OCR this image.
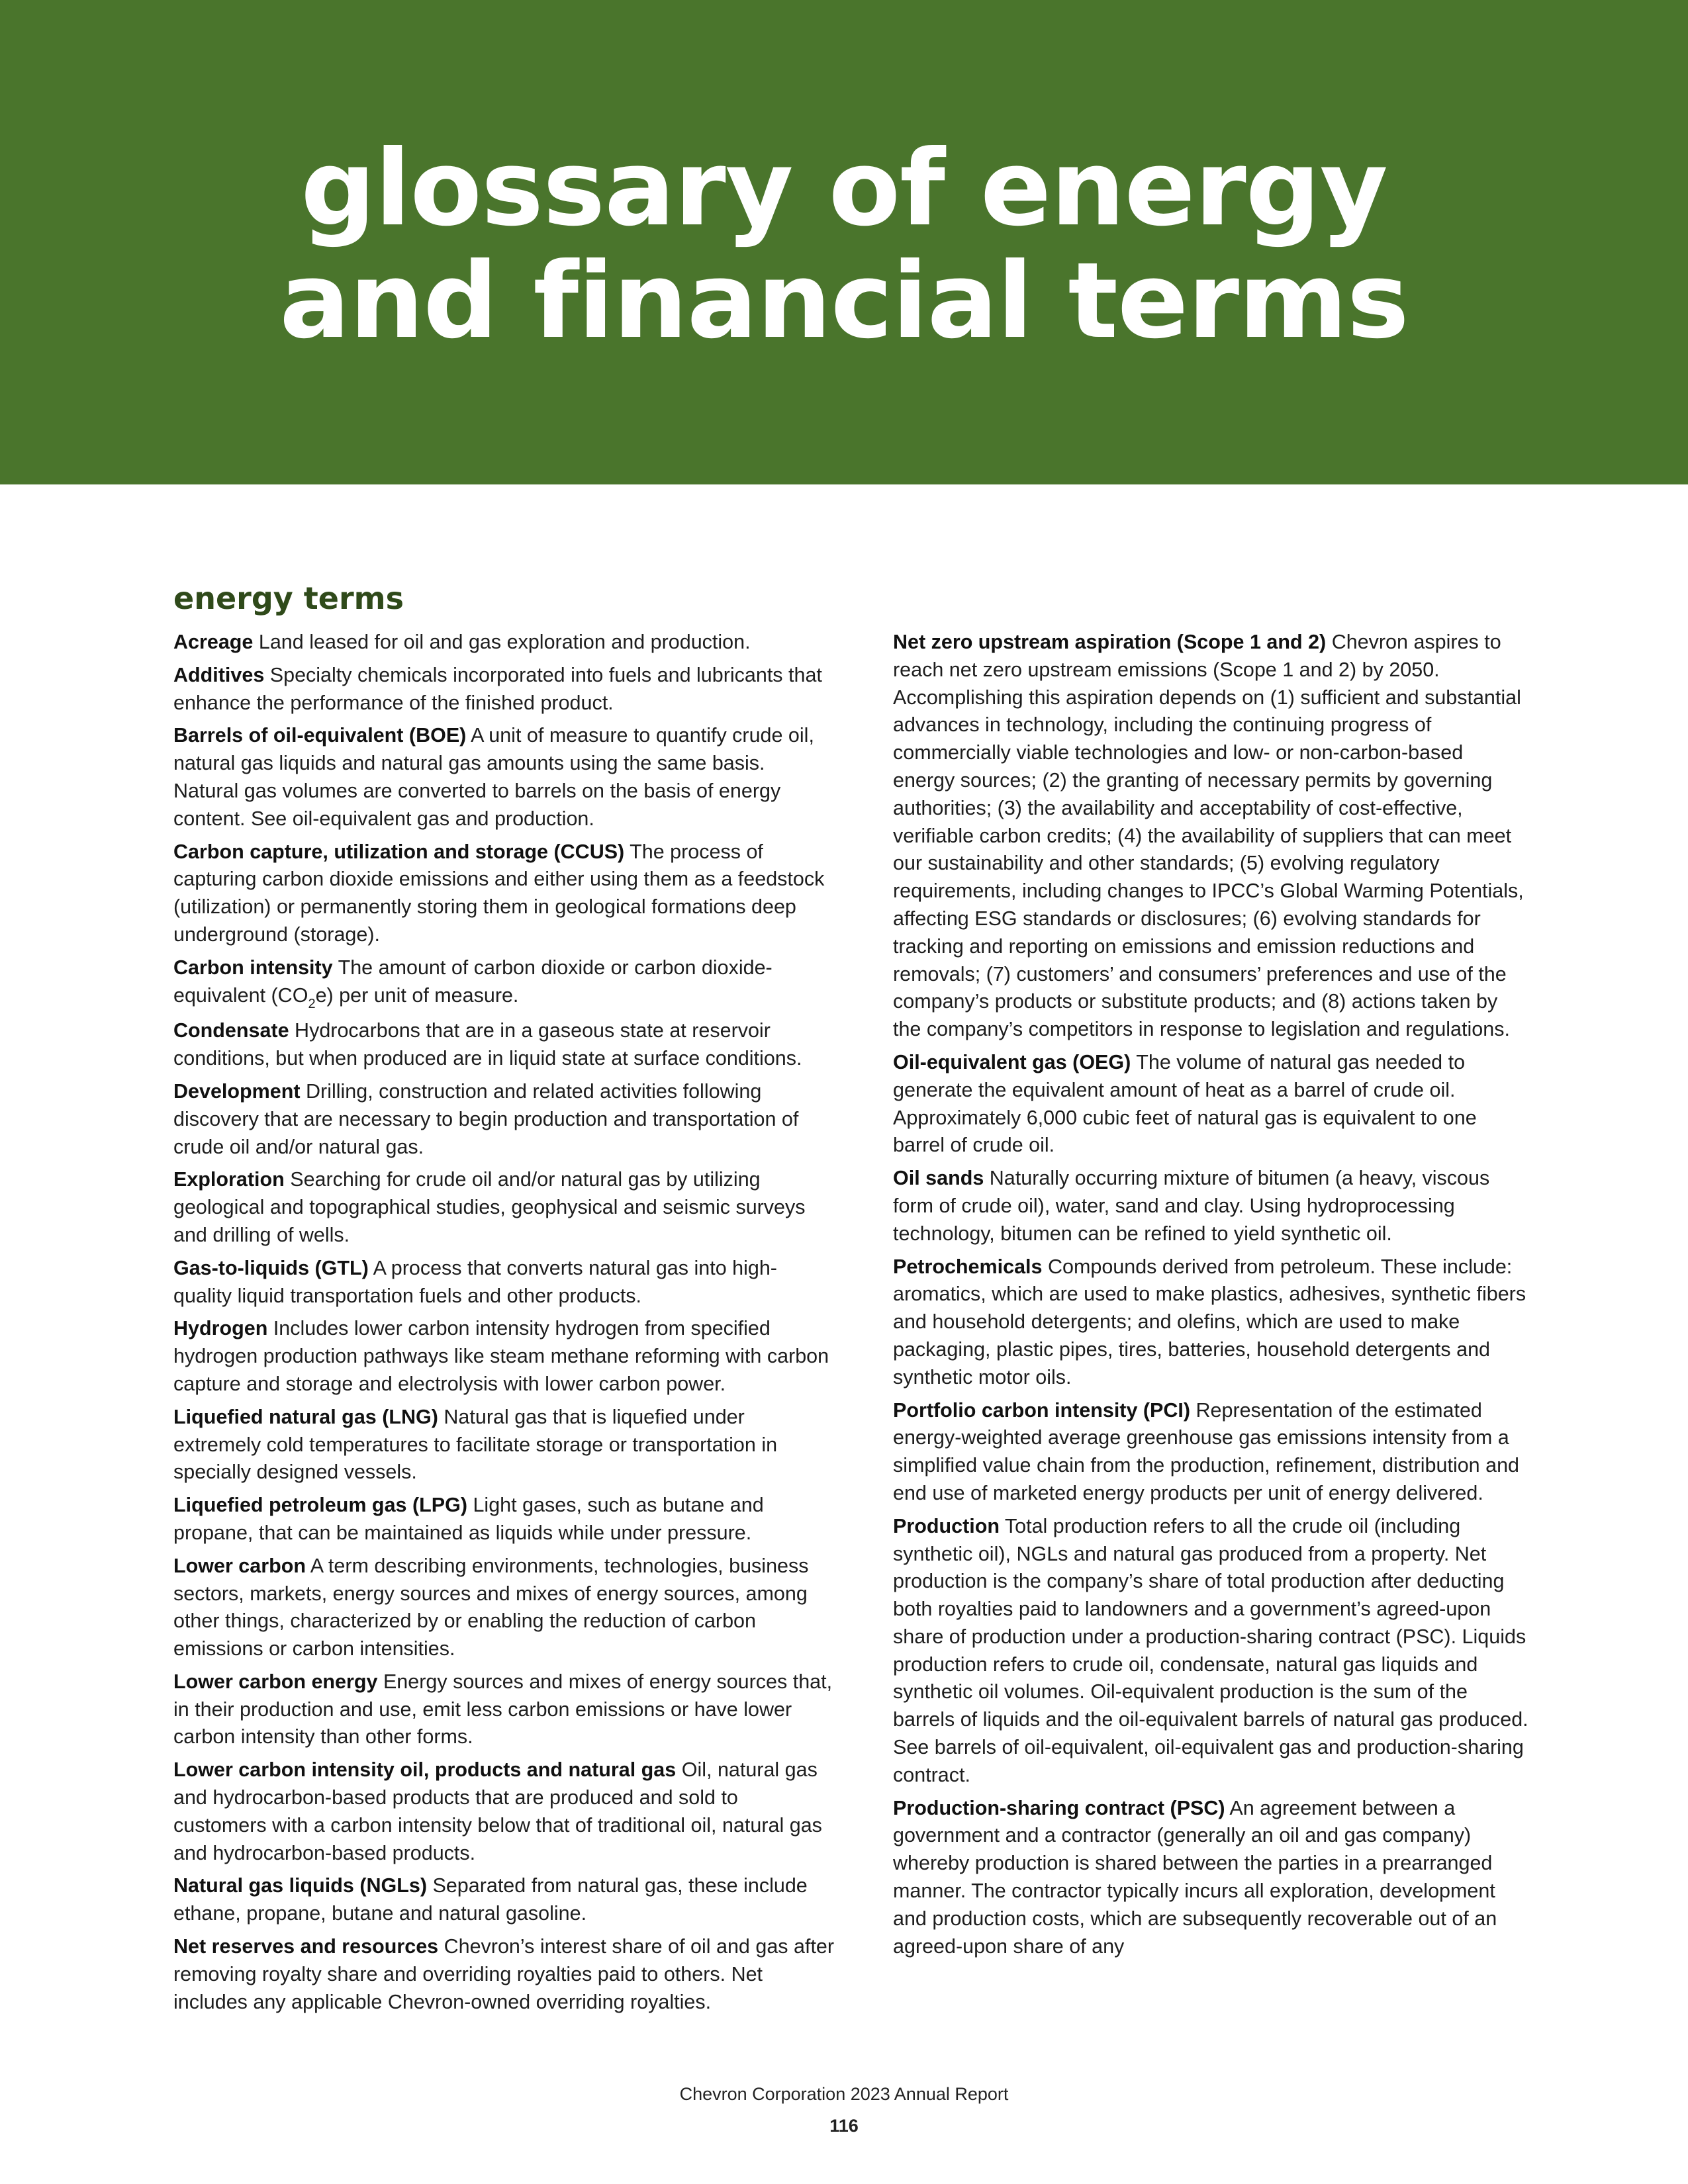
glossary of energy
and financial terms
energy terms

Acreage Land leased for oil and gas exploration and production.

Additives Specialty chemicals incorporated into fuels and lubricants that enhance the performance of the finished product.

Barrels of oil-equivalent (BOE) A unit of measure to quantify crude oil, natural gas liquids and natural gas amounts using the same basis. Natural gas volumes are converted to barrels on the basis of energy content. See oil-equivalent gas and production.

Carbon capture, utilization and storage (CCUS) The process of capturing carbon dioxide emissions and either using them as a feedstock (utilization) or permanently storing them in geological formations deep underground (storage).

Carbon intensity The amount of carbon dioxide or carbon dioxide-equivalent $(CO_2e)$ per unit of measure.

Condensate Hydrocarbons that are in a gaseous state at reservoir conditions, but when produced are in liquid state at surface conditions.

Development Drilling, construction and related activities following discovery that are necessary to begin production and transportation of crude oil and/or natural gas.

Exploration Searching for crude oil and/or natural gas by utilizing geological and topographical studies, geophysical and seismic surveys and drilling of wells.

Gas-to-liquids (GTL) A process that converts natural gas into high-quality liquid transportation fuels and other products.

Hydrogen Includes lower carbon intensity hydrogen from specified hydrogen production pathways like steam methane reforming with carbon capture and storage and electrolysis with lower carbon power.

Liquefied natural gas (LNG) Natural gas that is liquefied under extremely cold temperatures to facilitate storage or transportation in specially designed vessels.

Liquefied petroleum gas (LPG) Light gases, such as butane and propane, that can be maintained as liquids while under pressure.

Lower carbon A term describing environments, technologies, business sectors, markets, energy sources and mixes of energy sources, among other things, characterized by or enabling the reduction of carbon emissions or carbon intensities.

Lower carbon energy Energy sources and mixes of energy sources that, in their production and use, emit less carbon emissions or have lower carbon intensity than other forms.

Lower carbon intensity oil, products and natural gas Oil, natural gas and hydrocarbon-based products that are produced and sold to customers with a carbon intensity below that of traditional oil, natural gas and hydrocarbon-based products.

Natural gas liquids (NGLs) Separated from natural gas, these include ethane, propane, butane and natural gasoline.

Net reserves and resources Chevron’s interest share of oil and gas after removing royalty share and overriding royalties paid to others. Net includes any applicable Chevron-owned overriding royalties.

Net zero upstream aspiration (Scope 1 and 2) Chevron aspires to reach net zero upstream emissions (Scope 1 and 2) by 2050. Accomplishing this aspiration depends on (1) sufficient and substantial advances in technology, including the continuing progress of commercially viable technologies and low- or non-carbon-based energy sources; (2) the granting of necessary permits by governing authorities; (3) the availability and acceptability of cost-effective, verifiable carbon credits; (4) the availability of suppliers that can meet our sustainability and other standards; (5) evolving regulatory requirements, including changes to IPCC’s Global Warming Potentials, affecting ESG standards or disclosures; (6) evolving standards for tracking and reporting on emissions and emission reductions and removals; (7) customers’ and consumers’ preferences and use of the company’s products or substitute products; and (8) actions taken by the company’s competitors in response to legislation and regulations.

Oil-equivalent gas (OEG) The volume of natural gas needed to generate the equivalent amount of heat as a barrel of crude oil. Approximately 6,000 cubic feet of natural gas is equivalent to one barrel of crude oil.

Oil sands Naturally occurring mixture of bitumen (a heavy, viscous form of crude oil), water, sand and clay. Using hydroprocessing technology, bitumen can be refined to yield synthetic oil.

Petrochemicals Compounds derived from petroleum. These include: aromatics, which are used to make plastics, adhesives, synthetic fibers and household detergents; and olefins, which are used to make packaging, plastic pipes, tires, batteries, household detergents and synthetic motor oils.

Portfolio carbon intensity (PCI) Representation of the estimated energy-weighted average greenhouse gas emissions intensity from a simplified value chain from the production, refinement, distribution and end use of marketed energy products per unit of energy delivered.

Production Total production refers to all the crude oil (including synthetic oil), NGLs and natural gas produced from a property. Net production is the company’s share of total production after deducting both royalties paid to landowners and a government’s agreed-upon share of production under a production-sharing contract (PSC). Liquids production refers to crude oil, condensate, natural gas liquids and synthetic oil volumes. Oil-equivalent production is the sum of the barrels of liquids and the oil-equivalent barrels of natural gas produced. See barrels of oil-equivalent, oil-equivalent gas and production-sharing contract.

Production-sharing contract (PSC) An agreement between a government and a contractor (generally an oil and gas company) whereby production is shared between the parties in a prearranged manner. The contractor typically incurs all exploration, development and production costs, which are subsequently recoverable out of an agreed-upon share of any

Chevron Corporation 2023 Annual Report
116
